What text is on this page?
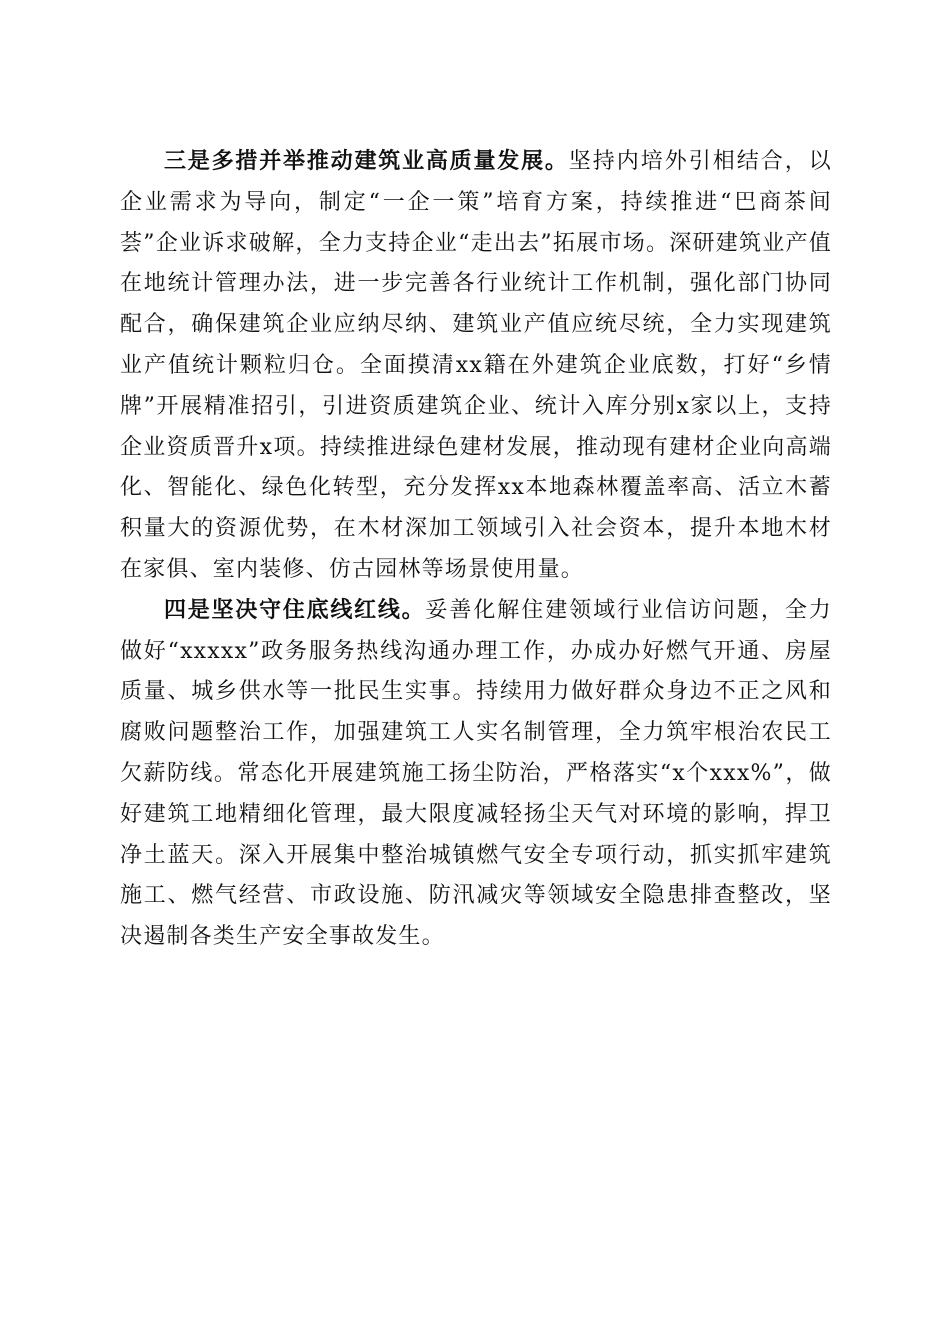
三是多措并举推动建筑业高质量发展。坚持内培外引相结合，以企业需求为导向，制定“一企一策”培育方案，持续推进“巴商茶间荟”企业诉求破解，全力支持企业“走出去”拓展市场。深研建筑业产值在地统计管理办法，进一步完善各行业统计工作机制，强化部门协同配合，确保建筑企业应纳尽纳、建筑业产值应统尽统，全力实现建筑业产值统计颗粒归仓。全面摸清xx籍在外建筑企业底数，打好“乡情牌”开展精准招引，引进资质建筑企业、统计入库分别x家以上，支持企业资质晋升x项。持续推进绿色建材发展，推动现有建材企业向高端化、智能化、绿色化转型，充分发挥xx本地森林覆盖率高、活立木蓄积量大的资源优势，在木材深加工领域引入社会资本，提升本地木材在家俱、室内装修、仿古园林等场景使用量。

四是坚决守住底线红线。妥善化解住建领域行业信访问题，全力做好“xxxxx”政务服务热线沟通办理工作，办成办好燃气开通、房屋质量、城乡供水等一批民生实事。持续用力做好群众身边不正之风和腐败问题整治工作，加强建筑工人实名制管理，全力筑牢根治农民工欠薪防线。常态化开展建筑施工扬尘防治，严格落实“x个xxx%”，做好建筑工地精细化管理，最大限度减轻扬尘天气对环境的影响，捍卫净土蓝天。深入开展集中整治城镇燃气安全专项行动，抓实抓牢建筑施工、燃气经营、市政设施、防汛减灾等领域安全隐患排查整改，坚决遏制各类生产安全事故发生。
